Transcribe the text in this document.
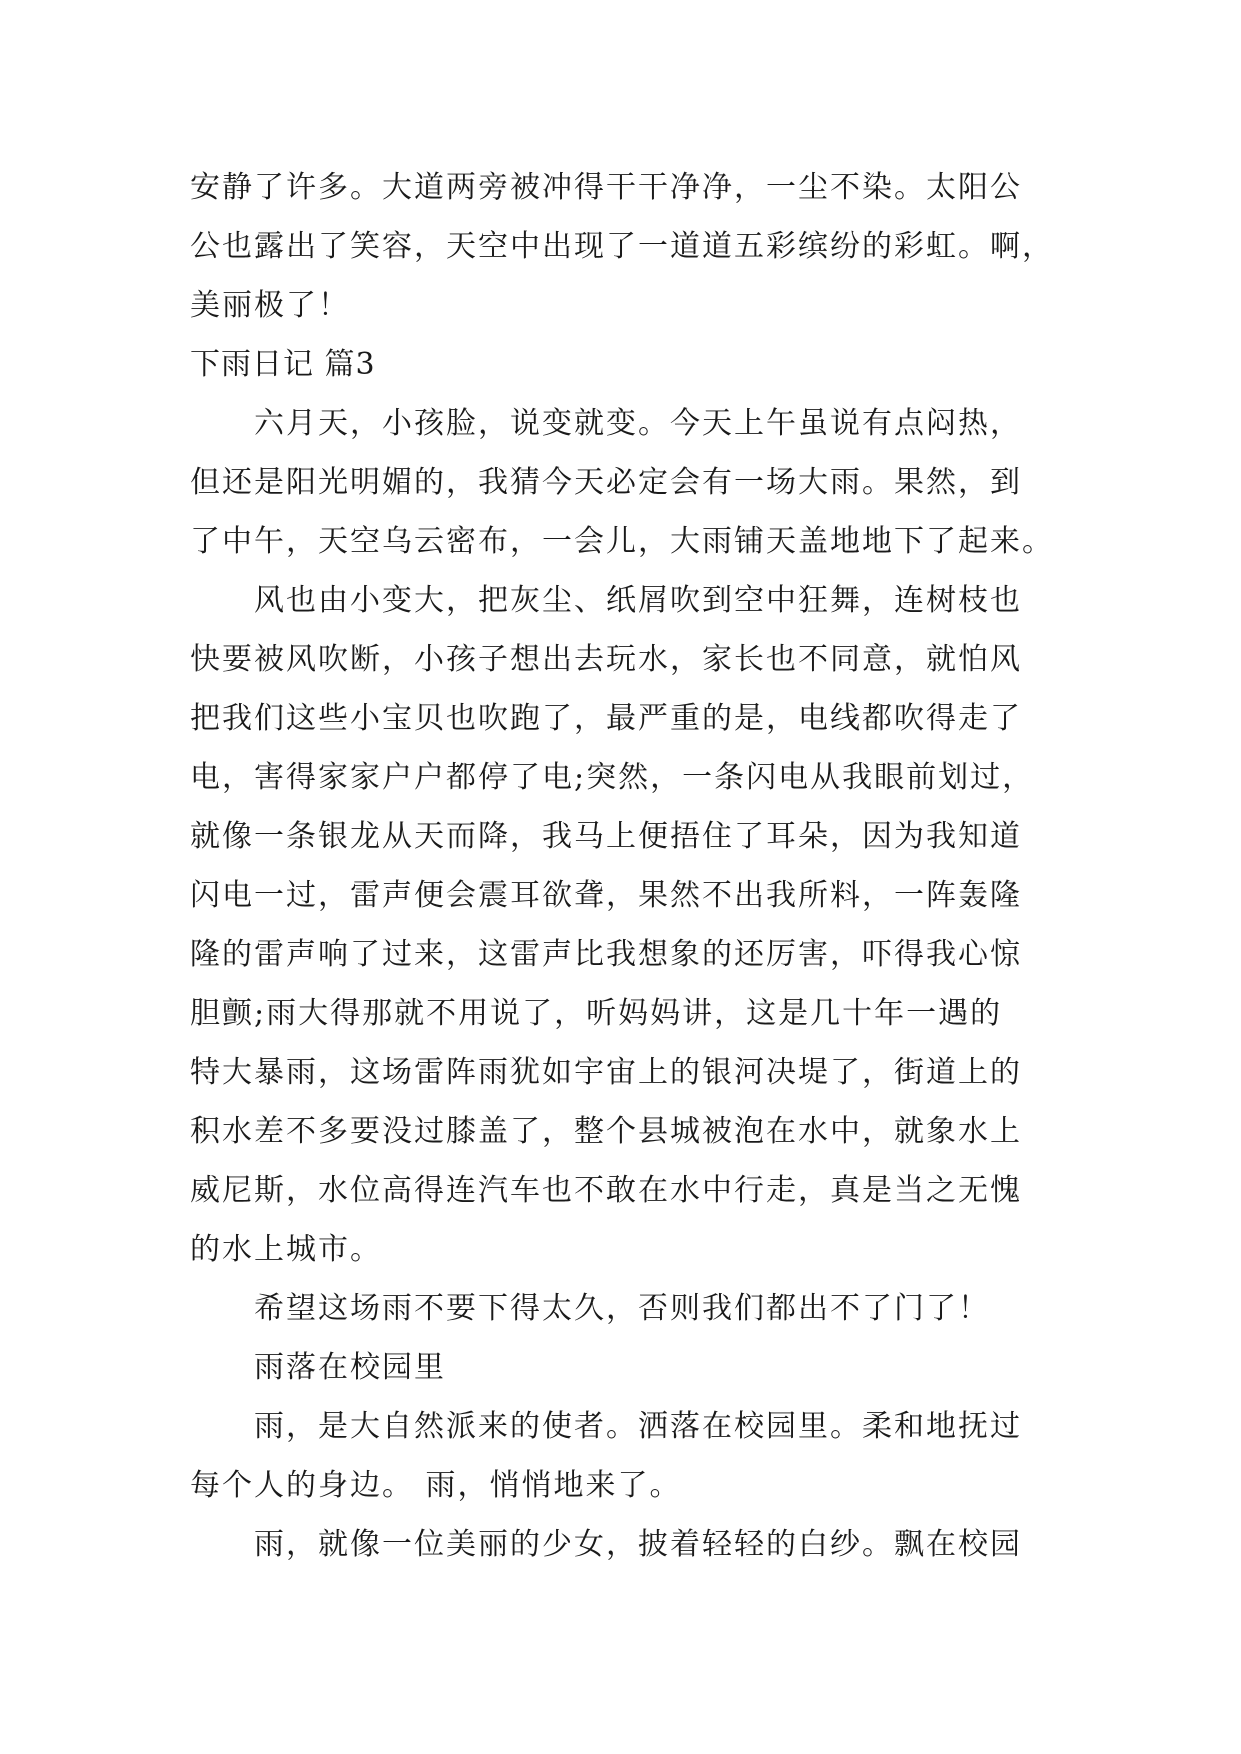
安静了许多。大道两旁被冲得干干净净，一尘不染。太阳公
公也露出了笑容，天空中出现了一道道五彩缤纷的彩虹。啊，
美丽极了！
下雨日记 篇3
六月天，小孩脸，说变就变。今天上午虽说有点闷热，
但还是阳光明媚的，我猜今天必定会有一场大雨。果然，到
了中午，天空乌云密布，一会儿，大雨铺天盖地地下了起来。
风也由小变大，把灰尘、纸屑吹到空中狂舞，连树枝也
快要被风吹断，小孩子想出去玩水，家长也不同意，就怕风
把我们这些小宝贝也吹跑了，最严重的是，电线都吹得走了
电，害得家家户户都停了电;突然，一条闪电从我眼前划过，
就像一条银龙从天而降，我马上便捂住了耳朵，因为我知道
闪电一过，雷声便会震耳欲聋，果然不出我所料，一阵轰隆
隆的雷声响了过来，这雷声比我想象的还厉害，吓得我心惊
胆颤;雨大得那就不用说了，听妈妈讲，这是几十年一遇的
特大暴雨，这场雷阵雨犹如宇宙上的银河决堤了，街道上的
积水差不多要没过膝盖了，整个县城被泡在水中，就象水上
威尼斯，水位高得连汽车也不敢在水中行走，真是当之无愧
的水上城市。
希望这场雨不要下得太久，否则我们都出不了门了！
雨落在校园里
雨，是大自然派来的使者。洒落在校园里。柔和地抚过
每个人的身边。 雨，悄悄地来了。
雨，就像一位美丽的少女，披着轻轻的白纱。飘在校园
